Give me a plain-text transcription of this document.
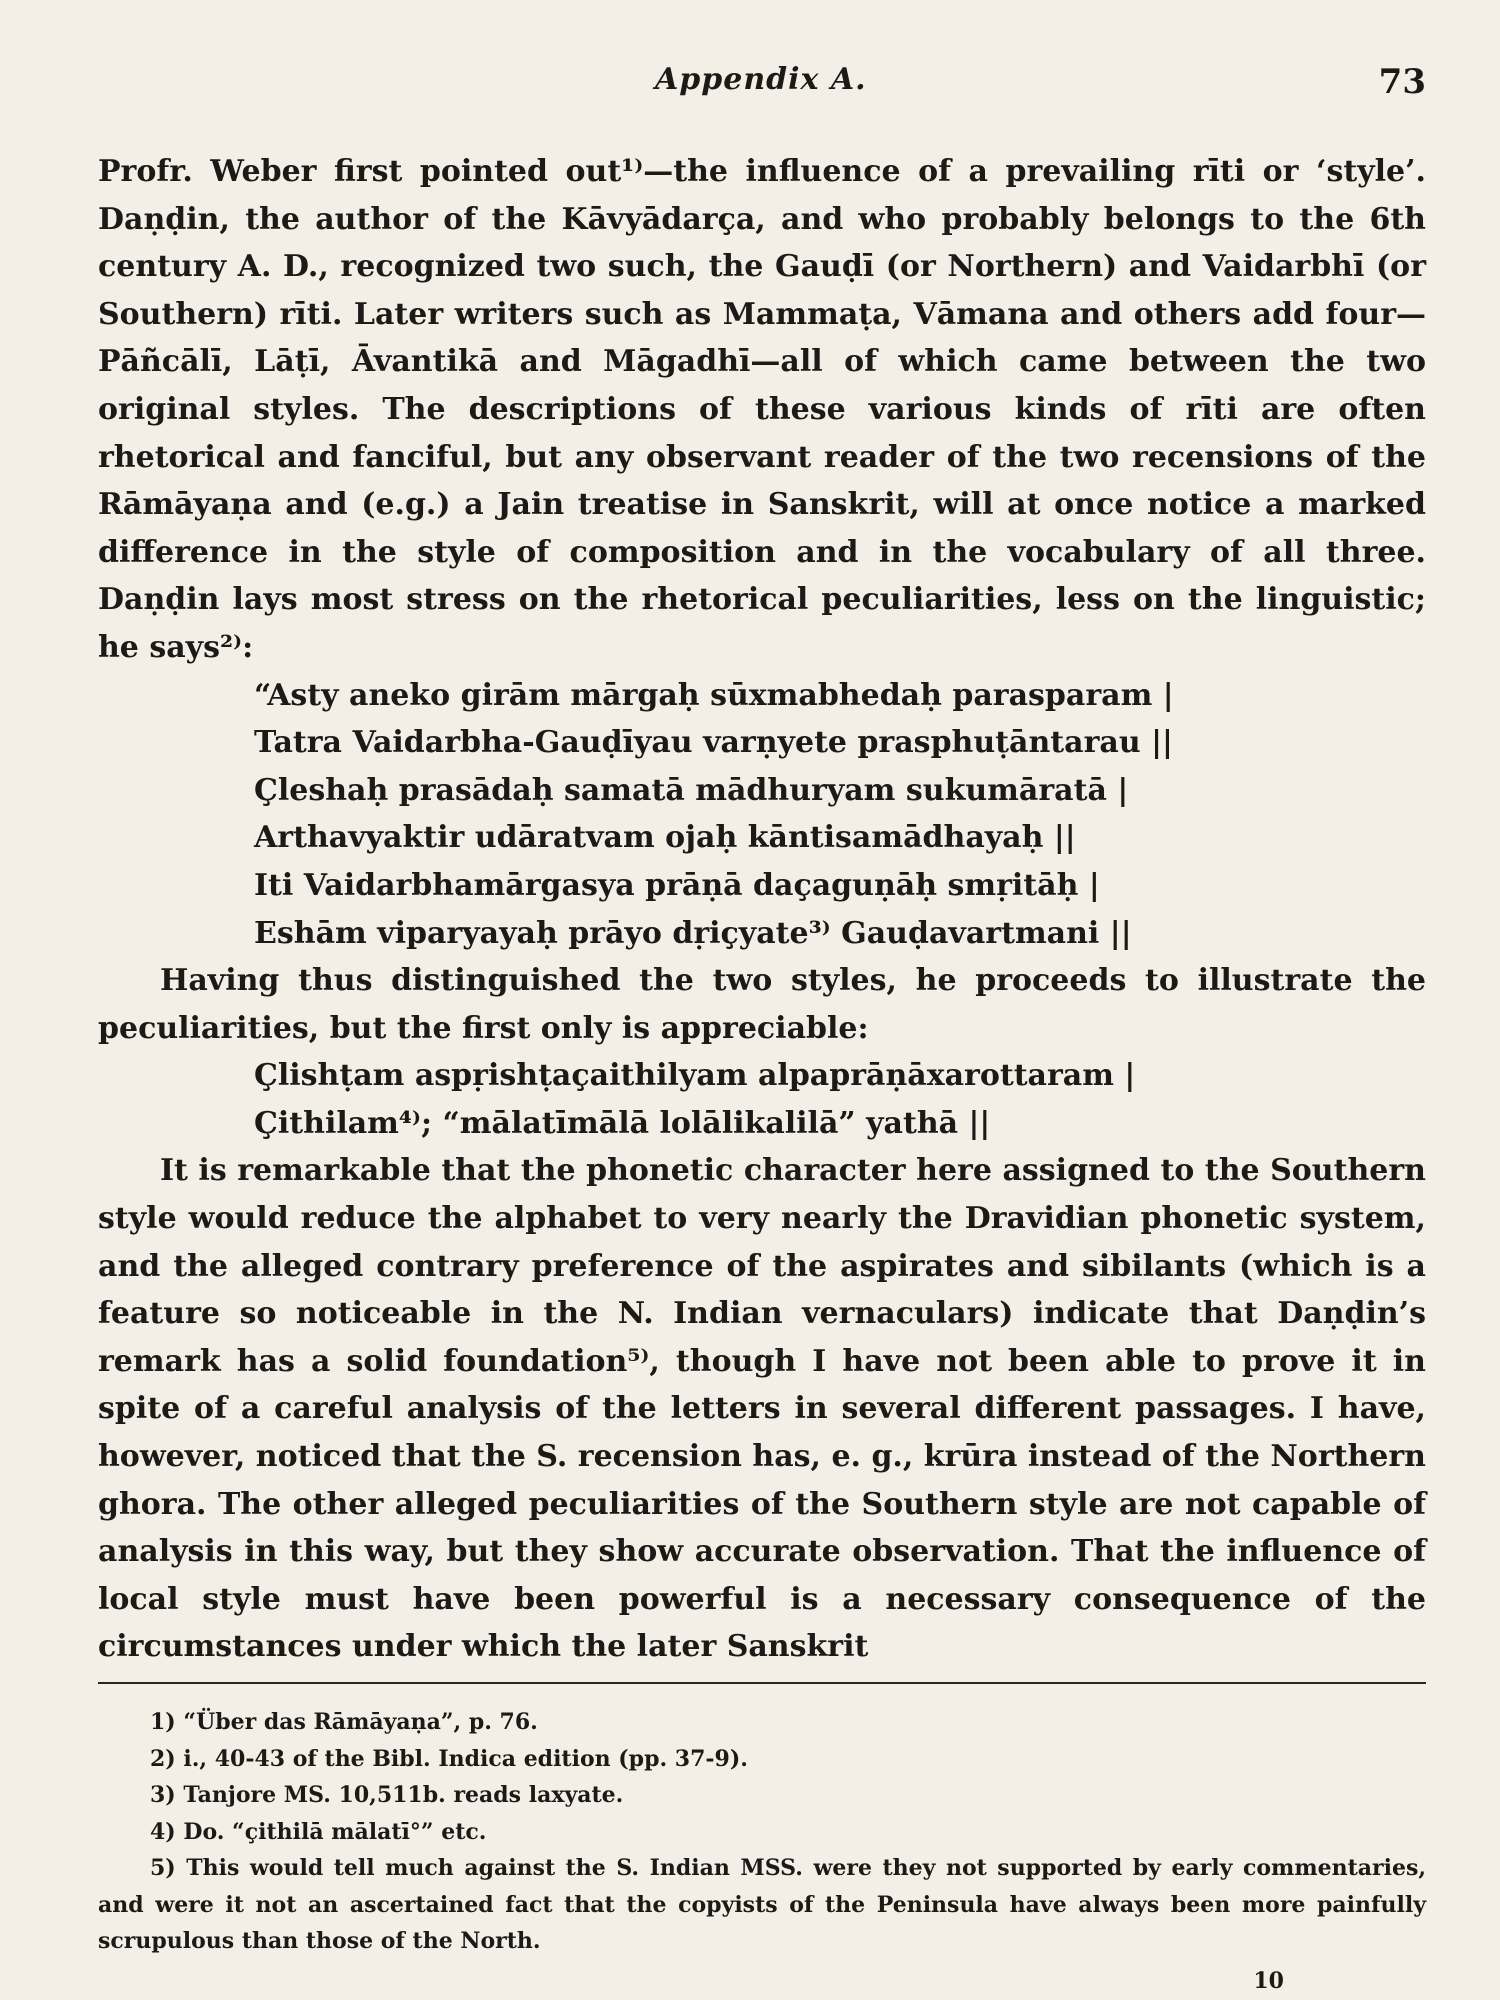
Appendix A.	73

Profr. Weber first pointed out¹⁾—the influence of a prevailing rīti or ‘style’. Daṇḍin, the author of the Kāvyādarça, and who probably belongs to the 6th century A. D., recognized two such, the Gauḍī (or Northern) and Vaidarbhī (or Southern) rīti. Later writers such as Mammaṭa, Vāmana and others add four—Pāñcālī, Lāṭī, Āvantikā and Māgadhī—all of which came between the two original styles. The descriptions of these various kinds of rīti are often rhetorical and fanciful, but any observant reader of the two recensions of the Rāmāyaṇa and (e.g.) a Jain treatise in Sanskrit, will at once notice a marked difference in the style of composition and in the vocabulary of all three. Daṇḍin lays most stress on the rhetorical peculiarities, less on the linguistic; he says²⁾:

“Asty aneko girām mārgaḥ sūxmabhedaḥ parasparam |

Tatra Vaidarbha-Gauḍīyau varṇyete prasphuṭāntarau ||

Çleshaḥ prasādaḥ samatā mādhuryam sukumāratā |

Arthavyaktir udāratvam ojaḥ kāntisamādhayaḥ ||

Iti Vaidarbhamārgasya prāṇā daçaguṇāḥ smṛitāḥ |

Eshām viparyayaḥ prāyo dṛiçyate³⁾ Gauḍavartmani ||

Having thus distinguished the two styles, he proceeds to illustrate the peculiarities, but the first only is appreciable:

Çlishṭam aspṛishṭaçaithilyam alpaprāṇāxarottaram |

Çithilam⁴⁾; “mālatīmālā lolālikalilā” yathā ||

It is remarkable that the phonetic character here assigned to the Southern style would reduce the alphabet to very nearly the Dravidian phonetic system, and the alleged contrary preference of the aspirates and sibilants (which is a feature so noticeable in the N. Indian vernaculars) indicate that Daṇḍin’s remark has a solid foundation⁵⁾, though I have not been able to prove it in spite of a careful analysis of the letters in several different passages. I have, however, noticed that the S. recension has, e. g., krūra instead of the Northern ghora. The other alleged peculiarities of the Southern style are not capable of analysis in this way, but they show accurate observation. That the influence of local style must have been powerful is a necessary consequence of the circumstances under which the later Sanskrit

1) “Über das Rāmāyaṇa”, p. 76.

2) i., 40-43 of the Bibl. Indica edition (pp. 37-9).

3) Tanjore MS. 10,511b. reads laxyate.

4) Do. “çithilā mālatī°” etc.

5) This would tell much against the S. Indian MSS. were they not supported by early commentaries, and were it not an ascertained fact that the copyists of the Peninsula have always been more painfully scrupulous than those of the North.

10
